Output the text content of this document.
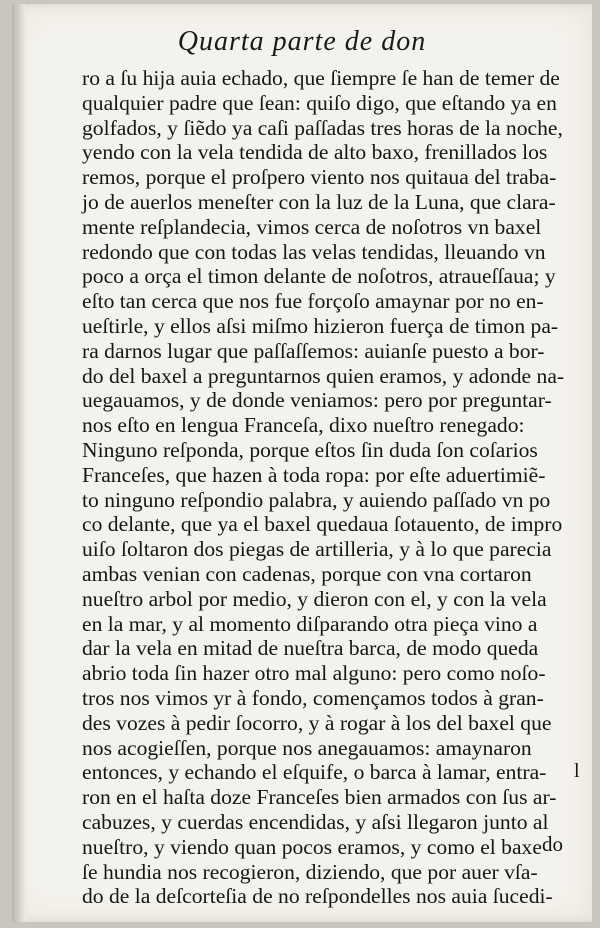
Quarta parte de don
ro a ſu hija auia echado, que ſiempre ſe han de temer de
qualquier padre que ſean: quiſo digo, que eſtando ya en
golfados, y ſiẽdo ya caſi paſſadas tres horas de la noche,
yendo con la vela tendida de alto baxo, frenillados los
remos, porque el proſpero viento nos quitaua del traba-
jo de auerlos meneſter con la luz de la Luna, que clara-
mente reſplandecia, vimos cerca de noſotros vn baxel
redondo que con todas las velas tendidas, lleuando vn
poco a orça el timon delante de noſotros, atraueſſaua; y
eſto tan cerca que nos fue forçoſo amaynar por no en-
ueſtirle, y ellos aſsi miſmo hizieron fuerça de timon pa-
ra darnos lugar que paſſaſſemos: auianſe puesto a bor-
do del baxel a preguntarnos quien eramos, y adonde na-
uegauamos, y de donde veniamos: pero por preguntar-
nos eſto en lengua Franceſa, dixo nueſtro renegado:
Ninguno reſponda, porque eſtos ſin duda ſon coſarios
Franceſes, que hazen à toda ropa: por eſte aduertimiẽ-
to ninguno reſpondio palabra, y auiendo paſſado vn po
co delante, que ya el baxel quedaua ſotauento, de impro
uiſo ſoltaron dos piegas de artilleria, y à lo que parecia
ambas venian con cadenas, porque con vna cortaron
nueſtro arbol por medio, y dieron con el, y con la vela
en la mar, y al momento diſparando otra pieça vino a
dar la vela en mitad de nueſtra barca, de modo queda
abrio toda ſin hazer otro mal alguno: pero como noſo-
tros nos vimos yr à fondo, començamos todos à gran-
des vozes à pedir ſocorro, y à rogar à los del baxel que
nos acogieſſen, porque nos anegauamos: amaynaron
entonces, y echando el eſquife, o barca à lamar, entra-
ron en el haſta doze Franceſes bien armados con ſus ar-
cabuzes, y cuerdas encendidas, y aſsi llegaron junto al
nueſtro, y viendo quan pocos eramos, y como el baxe
ſe hundia nos recogieron, diziendo, que por auer vſa-
do de la deſcorteſia de no reſpondelles nos auia ſucedi-
l
do
